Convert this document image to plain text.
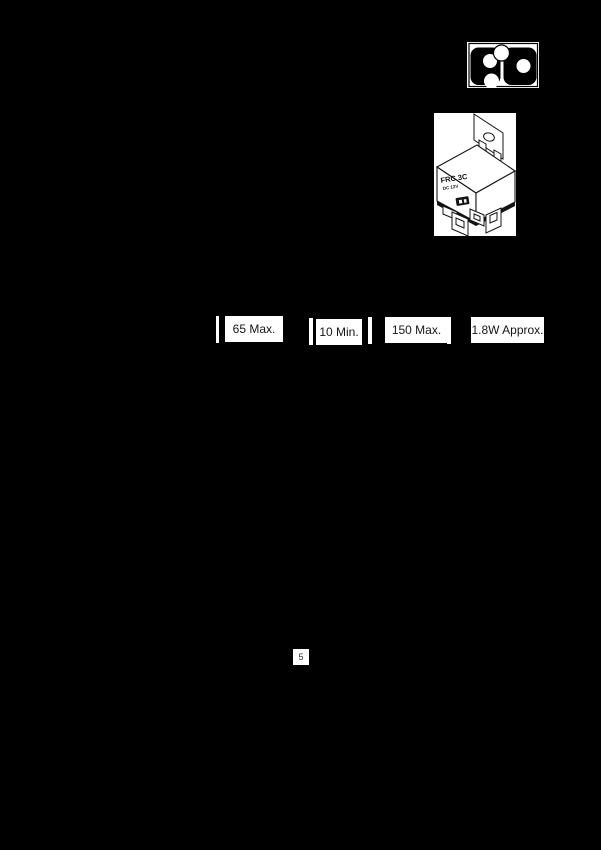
FRC 3C
DC 12V
65 Max.	10 Min.	150 Max.	1.8W Approx.
5
